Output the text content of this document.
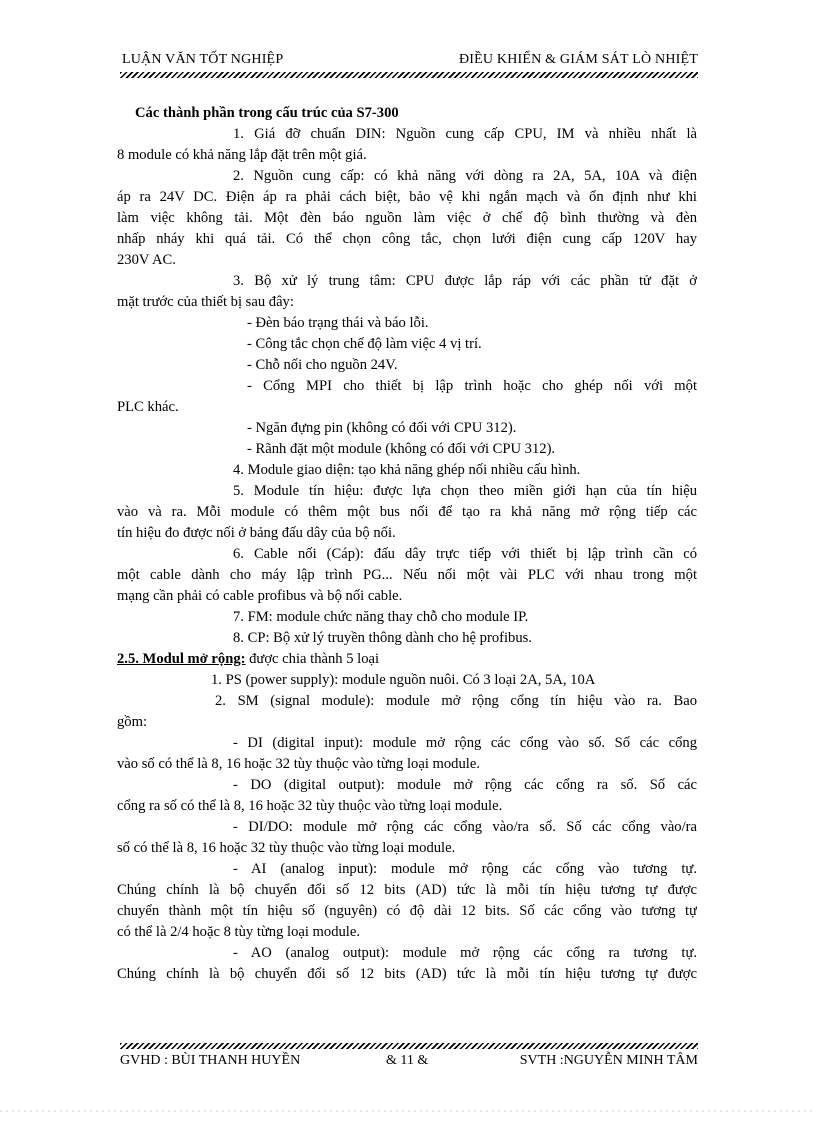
LUẬN VĂN TỐT NGHIỆP	ĐIỀU KHIỂN & GIÁM SÁT LÒ NHIỆT
Các thành phần trong cấu trúc của S7-300
1. Giá đỡ chuẩn DIN: Nguồn cung cấp CPU, IM và nhiều nhất là
8 module có khả năng lắp đặt trên một giá.
2. Nguồn cung cấp: có khả năng với dòng ra 2A, 5A, 10A và điện
áp ra 24V DC. Điện áp ra phải cách biệt, bảo vệ khi ngắn mạch và ổn định như khi
làm việc không tải. Một đèn báo nguồn làm việc ở chế độ bình thường và đèn
nhấp nháy khi quá tải. Có thể chọn công tắc, chọn lưới điện cung cấp 120V hay
230V AC.
3. Bộ xử lý trung tâm: CPU được lắp ráp với các phần tử đặt ở
mặt trước của thiết bị sau đây:
- Đèn báo trạng thái và báo lỗi.
- Công tắc chọn chế độ làm việc 4 vị trí.
- Chỗ nối cho nguồn 24V.
- Cổng MPI cho thiết bị lập trình hoặc cho ghép nối với một
PLC khác.
- Ngăn đựng pin (không có đối với CPU 312).
- Rãnh đặt một module (không có đối với CPU 312).
4. Module giao diện: tạo khả năng ghép nối nhiều cấu hình.
5. Module tín hiệu: được lựa chọn theo miền giới hạn của tín hiệu
vào và ra. Mỗi module có thêm một bus nối để tạo ra khả năng mở rộng tiếp các
tín hiệu đo được nối ở bảng đấu dây của bộ nối.
6. Cable nối (Cáp): đấu dây trực tiếp với thiết bị lập trình cần có
một cable dành cho máy lập trình PG... Nếu nối một vài PLC với nhau trong một
mạng cần phải có cable profibus và bộ nối cable.
7. FM: module chức năng thay chỗ cho module IP.
8. CP: Bộ xử lý truyền thông dành cho hệ profibus.
2.5. Modul mở rộng: được chia thành 5 loại
1. PS (power supply): module nguồn nuôi. Có 3 loại 2A, 5A, 10A
2. SM (signal module): module mở rộng cổng tín hiệu vào ra. Bao
gồm:
- DI (digital input): module mở rộng các cổng vào số. Số các cổng
vào số có thể là 8, 16 hoặc 32 tùy thuộc vào từng loại module.
- DO (digital output): module mở rộng các cổng ra số. Số các
cổng ra số có thể là 8, 16 hoặc 32 tùy thuộc vào từng loại module.
- DI/DO: module mở rộng các cổng vào/ra số. Số các cổng vào/ra
số có thể là 8, 16 hoặc 32 tùy thuộc vào từng loại module.
- AI (analog input): module mở rộng các cổng vào tương tự.
Chúng chính là bộ chuyển đổi số 12 bits (AD) tức là mỗi tín hiệu tương tự được
chuyển thành một tín hiệu số (nguyên) có độ dài 12 bits. Số các cổng vào tương tự
có thể là 2/4 hoặc 8 tùy từng loại module.
- AO (analog output): module mở rộng các cổng ra tương tự.
Chúng chính là bộ chuyển đổi số 12 bits (AD) tức là mỗi tín hiệu tương tự được
GVHD : BÙI THANH HUYỀN	& 11 &	SVTH :NGUYỄN MINH TÂM
